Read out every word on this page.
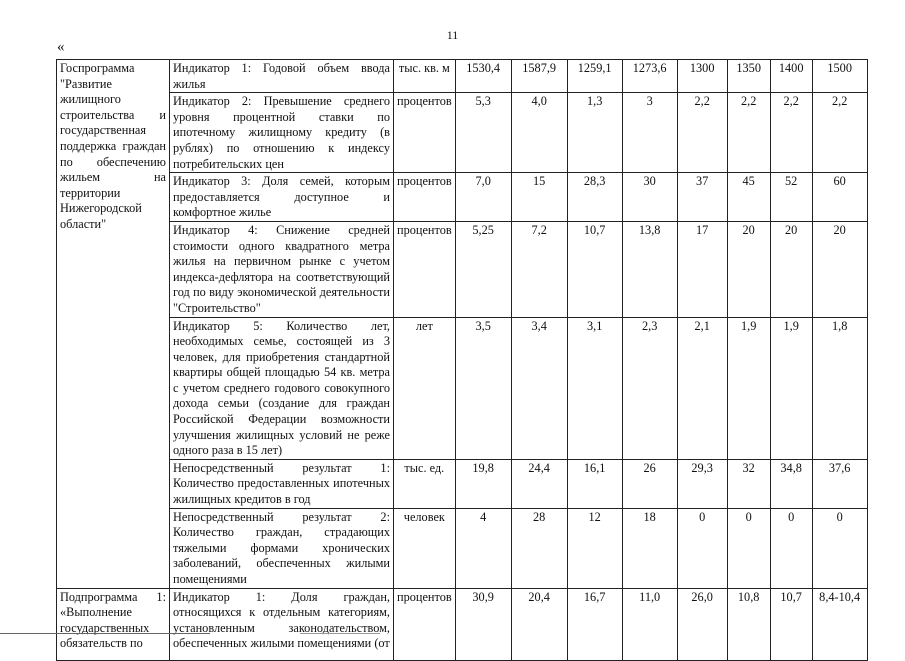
11
«
Госпрограмма "Развитие жилищного строительства и государственная поддержка граждан по обеспечению жильем на территории Нижегородской области"	Индикатор 1: Годовой объем ввода жилья	тыс. кв. м	1530,4	1587,9	1259,1	1273,6	1300	1350	1400	1500
	Индикатор 2: Превышение среднего уровня процентной ставки по ипотечному жилищному кредиту (в рублях) по отношению к индексу потребительских цен	процентов	5,3	4,0	1,3	3	2,2	2,2	2,2	2,2
	Индикатор 3: Доля семей, которым предоставляется доступное и комфортное жилье	процентов	7,0	15	28,3	30	37	45	52	60
	Индикатор 4: Снижение средней стоимости одного квадратного метра жилья на первичном рынке с учетом индекса-дефлятора на соответствующий год по виду экономической деятельности "Строительство"	процентов	5,25	7,2	10,7	13,8	17	20	20	20
	Индикатор 5: Количество лет, необходимых семье, состоящей из 3 человек, для приобретения стандартной квартиры общей площадью 54 кв. метра с учетом среднего годового совокупного дохода семьи (создание для граждан Российской Федерации возможности улучшения жилищных условий не реже одного раза в 15 лет)	лет	3,5	3,4	3,1	2,3	2,1	1,9	1,9	1,8
	Непосредственный результат 1: Количество предоставленных ипотечных жилищных кредитов в год	тыс. ед.	19,8	24,4	16,1	26	29,3	32	34,8	37,6
	Непосредственный результат 2: Количество граждан, страдающих тяжелыми формами хронических заболеваний, обеспеченных жилыми помещениями	человек	4	28	12	18	0	0	0	0
Подпрограмма 1: «Выполнение государственных обязательств по	Индикатор 1: Доля граждан, относящихся к отдельным категориям, установленным законодательством, обеспеченных жилыми помещениями (от	процентов	30,9	20,4	16,7	11,0	26,0	10,8	10,7	8,4-10,4
